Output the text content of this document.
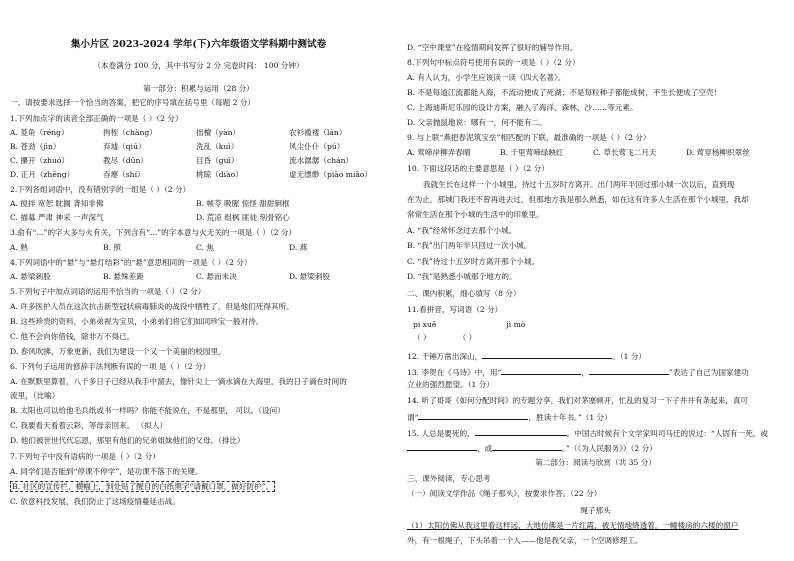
集小片区 2023-2024 学年(下)六年级语文学科期中测试卷
（本卷满分 100 分，其中书写分 2 分 完卷时间： 100 分钟）
第一部分：积累与运用（28 分）
一、请按要求选择一个恰当的答案，把它的序号填在括号里（每题 2 分）
1.下列加点字的读音全部正确的一项是（ ）（2 分）
A. 菱角（réng）	拘桎（chàng）	拙檀（yàn）	农衫褴褛（lán）
B. 苍劲（jìn）	弃墟（qiú）	洗乱（kuì）	风尘仆仆（pú）
C. 攥开（zhuó）	教尽（dūn）	目昏（guī）	流水潺潺（chán）
D. 正月（zhēng）	吞瘪（shí）	桃晾（diào）	虚无缥缈（piāo miǎo）
2.下列各组词语中，没有错别字的一组是（ ）（2 分）
A. 搅拌 宽恕 眈搁 背知非佛	B. 帧苓 吸腥 惊怪 甜甜铜框
C. 描募 严肃 神采 一声深气	D. 荒凉 组枫 匪徒 刻骨铭心
3.俞有“...”的字大多与火有关，下列含有“...”的字本意与火无关的一项是（ ）（2 分）
A. 熟	B. 照	C. 焦	D. 燕
4.下列词语中的“悬”与“悬灯结彩”的“悬”意思相同的一项是（ ）（2 分）
A. 悬梁刺股	B. 悬殊差距	C. 悬而未决	D. 悬梁刺股
5.下列句子中加点词语的运用不恰当的一项是（ ）（2 分）
A. 许多医护人员在这次抗击新型冠状病毒肺炎的战役中牺牲了，但是他们死得其所。
B. 这些珍贵的资料，小弟弟视为宝贝，小弟弟们将它们如同珍宝一般对待。
C. 他不会向你借钱，除非万不得已。
D. 春风吹拂，万象更新，我们为建设一个又一个美丽的校园里。
6. 下列句子运用的修辞手法判断有误的一项 是（ ）（2 分）
A. 在默默里算着，八千多日子已经从我手中溜去，像针尖上一滴水滴在大海里，我的日子滴在时间的
流里，（比喻）
B. 太阳也可以给他毛兵纸或书一样吗？你能不能说在，不是那里， 可以。（设问）
C. 我要看天看着云彩，等母亲回来。 （拟人）
D. 他们被世世代代忘恩，那里有他们的兄弟姐妹他们的父母。（排比）
7.下列句子中没有语病的一项是（ ）（2 分）
A. 同学们是否能到“停课不停学”，是功课不落下的关键。
B. 社区的宣传栏、横幅上，到处贴了醒目的白纸黑字“请戴口罩，做好防护”。
C. 依意科技发展，我们防止了这场疫情蔓延击战。
D. “空中课堂”在疫情期间发挥了很好的辅导作用。
8.下列句中标点符号使用有误的一项是（ ）（2 分）
A. 有人认为，小学生应该读一读《四大名著》。
B. 不是每道江流都能入海，不流动便成了死湖；不是每粒种子都能成树，不生长便成了空壳！
C. 上海迪斯尼乐园的设计方案，融入了海洋、森林、沙……等元素。
D. 父亲抛鼠地说：哪有一，何不能有二。
9. 与上联“燕把春泥筑宝垒”相匹配的下联，最准确的一项是（ ）（2 分）
A. 莺啼岸柳弄春晴	B. 千里莺啼绿映红	C. 草长莺飞二月天	D. 莺穿杨柳织翠丝
10. 下面这段话的主要意思是（ ）（2 分）
我就生长在这样一个小城里，待过十五岁时方离开。出门两年半回过那小城一次以后，直到现
在为止，那城门我还不曾再进去过，但那地方我是那么熟悉，如在这有许多人生活在那个小城里，我却
常常生活在那个小城的生活中的印象里。
A. “我”经常怀念过去那个小城。
B. “我”出门两年半只回过一次小城。
C. “我”待过十五岁时方离开那个小城。
D. “我”是熟悉小城那个地方的。
二、课内积累，细心填写（8 分）
11.看拼音，写词语（2 分）
pi xuě	jì mò
（ ）	（ ）
12. 千锤万凿出深山，	。（1 分）
13. 李贺在《马诗》中，用“	，	”表达了自己为国家建功
立业的强烈愿望。（1 分）
14. 听了哥哥《如何分配时间》的专题分享，我们对茅塞顿开，忙乱的复习一下子井井有条起来，真可
谓“	，胜读十年书。”（1 分）
15. 人总是要死的，	。中国古时候有个文学家叫司马迁的说过：“人固有一死，或
，或	。”（《为人民服务》）（2 分）
第二部分：阅读与欣赏（共 35 分）
三、课外阅读，专心思考
（一）阅读文学作品《绳子那头》，按要求作答。（22 分）
绳子那头
（1）太阳仿佛从我这里看这样远，大地仿佛是一片红霞，被无情地烧透着。一幢楼房的六楼的窗户
外，有一根绳子，下头吊着一个人——他是我父亲，一个空调修理工。
